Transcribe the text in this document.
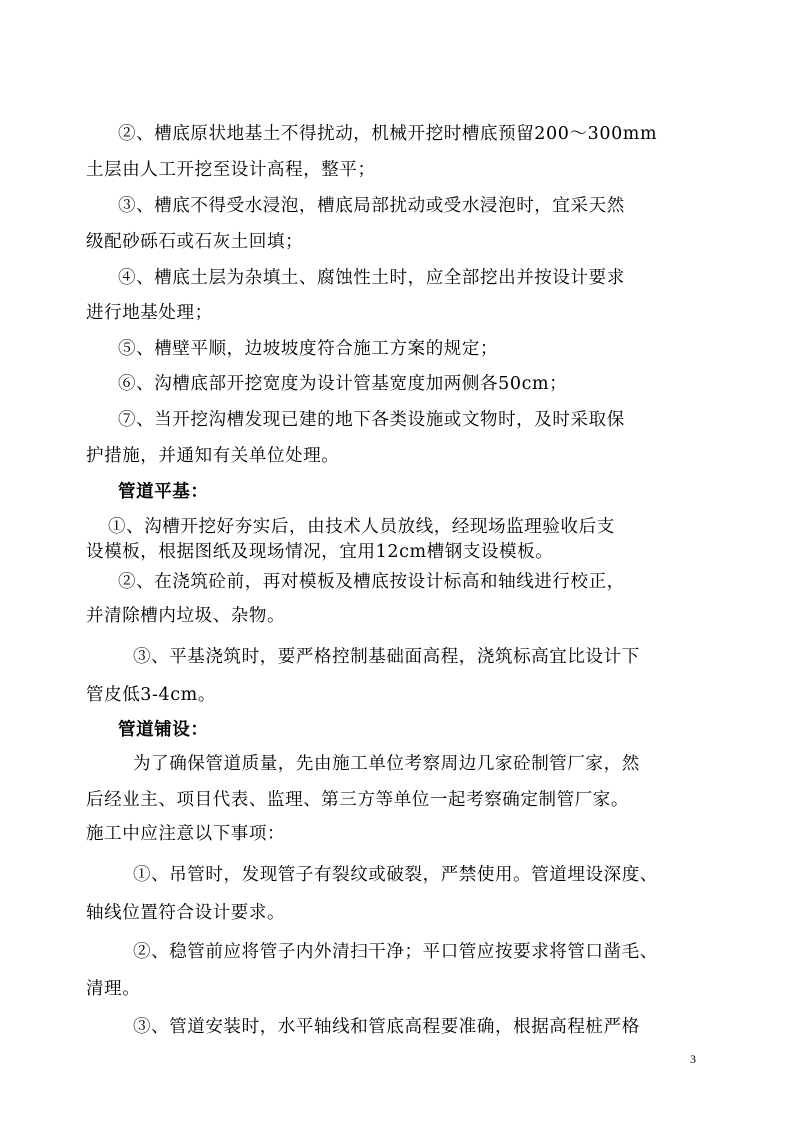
②、槽底原状地基土不得扰动，机械开挖时槽底预留200～300mm
土层由人工开挖至设计高程，整平；
③、槽底不得受水浸泡，槽底局部扰动或受水浸泡时，宜采天然
级配砂砾石或石灰土回填；
④、槽底土层为杂填土、腐蚀性土时，应全部挖出并按设计要求
进行地基处理；
⑤、槽壁平顺，边坡坡度符合施工方案的规定；
⑥、沟槽底部开挖宽度为设计管基宽度加两侧各50cm；
⑦、当开挖沟槽发现已建的地下各类设施或文物时，及时采取保
护措施，并通知有关单位处理。
管道平基：
①、沟槽开挖好夯实后，由技术人员放线，经现场监理验收后支
设模板，根据图纸及现场情况，宜用12cm槽钢支设模板。
②、在浇筑砼前，再对模板及槽底按设计标高和轴线进行校正，
并清除槽内垃圾、杂物。
③、平基浇筑时，要严格控制基础面高程，浇筑标高宜比设计下
管皮低3-4cm。
管道铺设：
为了确保管道质量，先由施工单位考察周边几家砼制管厂家，然
后经业主、项目代表、监理、第三方等单位一起考察确定制管厂家。
施工中应注意以下事项：
①、吊管时，发现管子有裂纹或破裂，严禁使用。管道埋设深度、
轴线位置符合设计要求。
②、稳管前应将管子内外清扫干净；平口管应按要求将管口凿毛、
清理。
③、管道安装时，水平轴线和管底高程要准确，根据高程桩严格
3
